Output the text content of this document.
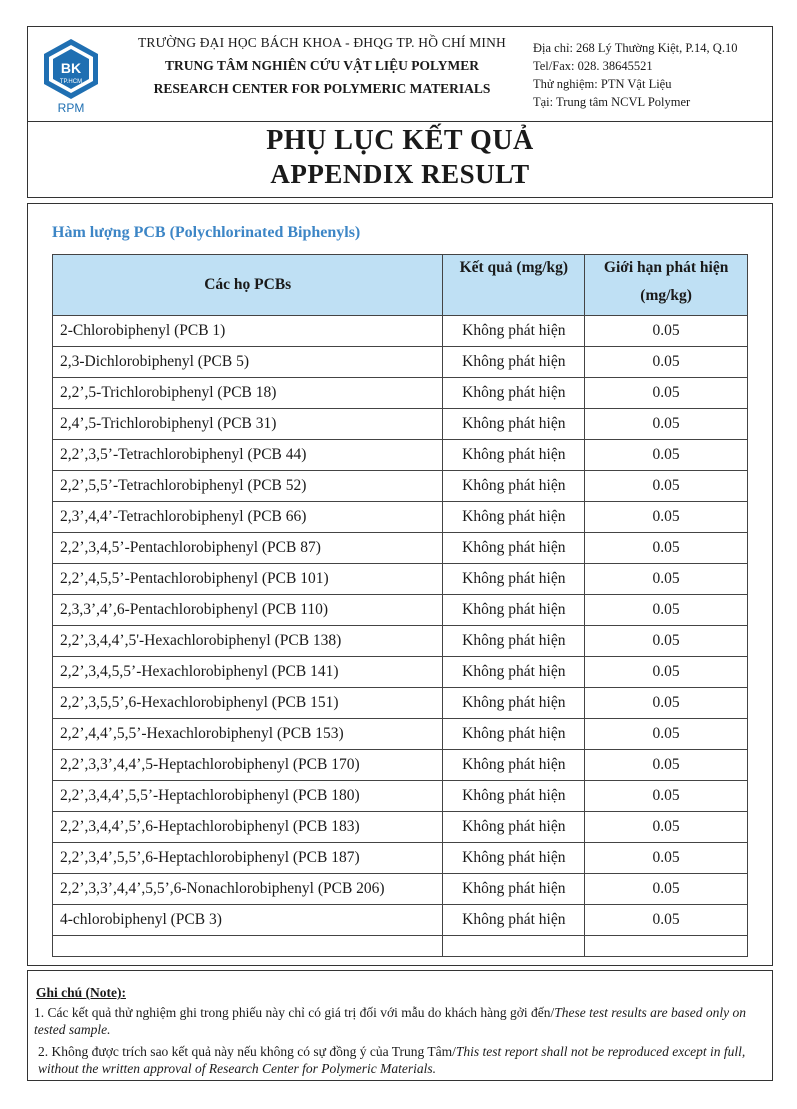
BK
TP.HCM
RPM
TRƯỜNG ĐẠI HỌC BÁCH KHOA - ĐHQG TP. HỒ CHÍ MINH
TRUNG TÂM NGHIÊN CỨU VẬT LIỆU POLYMER
RESEARCH CENTER FOR POLYMERIC MATERIALS
Địa chỉ: 268 Lý Thường Kiệt, P.14, Q.10
Tel/Fax: 028. 38645521
Thử nghiệm: PTN Vật Liệu
Tại: Trung tâm NCVL Polymer
PHỤ LỤC KẾT QUẢ
APPENDIX RESULT
Hàm lượng PCB (Polychlorinated Biphenyls)
Các họ PCBs	Kết quả (mg/kg)	Giới hạn phát hiện
(mg/kg)

2-Chlorobiphenyl (PCB 1)	Không phát hiện	0.05
2,3-Dichlorobiphenyl (PCB 5)	Không phát hiện	0.05
2,2’,5-Trichlorobiphenyl (PCB 18)	Không phát hiện	0.05
2,4’,5-Trichlorobiphenyl (PCB 31)	Không phát hiện	0.05
2,2’,3,5’-Tetrachlorobiphenyl (PCB 44)	Không phát hiện	0.05
2,2’,5,5’-Tetrachlorobiphenyl (PCB 52)	Không phát hiện	0.05
2,3’,4,4’-Tetrachlorobiphenyl (PCB 66)	Không phát hiện	0.05
2,2’,3,4,5’-Pentachlorobiphenyl (PCB 87)	Không phát hiện	0.05
2,2’,4,5,5’-Pentachlorobiphenyl (PCB 101)	Không phát hiện	0.05
2,3,3’,4’,6-Pentachlorobiphenyl (PCB 110)	Không phát hiện	0.05
2,2’,3,4,4’,5'-Hexachlorobiphenyl (PCB 138)	Không phát hiện	0.05
2,2’,3,4,5,5’-Hexachlorobiphenyl (PCB 141)	Không phát hiện	0.05
2,2’,3,5,5’,6-Hexachlorobiphenyl (PCB 151)	Không phát hiện	0.05
2,2’,4,4’,5,5’-Hexachlorobiphenyl (PCB 153)	Không phát hiện	0.05
2,2’,3,3’,4,4’,5-Heptachlorobiphenyl (PCB 170)	Không phát hiện	0.05
2,2’,3,4,4’,5,5’-Heptachlorobiphenyl (PCB 180)	Không phát hiện	0.05
2,2’,3,4,4’,5’,6-Heptachlorobiphenyl (PCB 183)	Không phát hiện	0.05
2,2’,3,4’,5,5’,6-Heptachlorobiphenyl (PCB 187)	Không phát hiện	0.05
2,2’,3,3’,4,4’,5,5’,6-Nonachlorobiphenyl (PCB 206)	Không phát hiện	0.05
4-chlorobiphenyl (PCB 3)	Không phát hiện	0.05

Ghi chú (Note):
1. Các kết quả thử nghiệm ghi trong phiếu này chỉ có giá trị đối với mẫu do khách hàng gởi đến/These test results are based only on tested sample.
2. Không được trích sao kết quả này nếu không có sự đồng ý của Trung Tâm/This test report shall not be reproduced except in full, without the written approval of Research Center for Polymeric Materials.
